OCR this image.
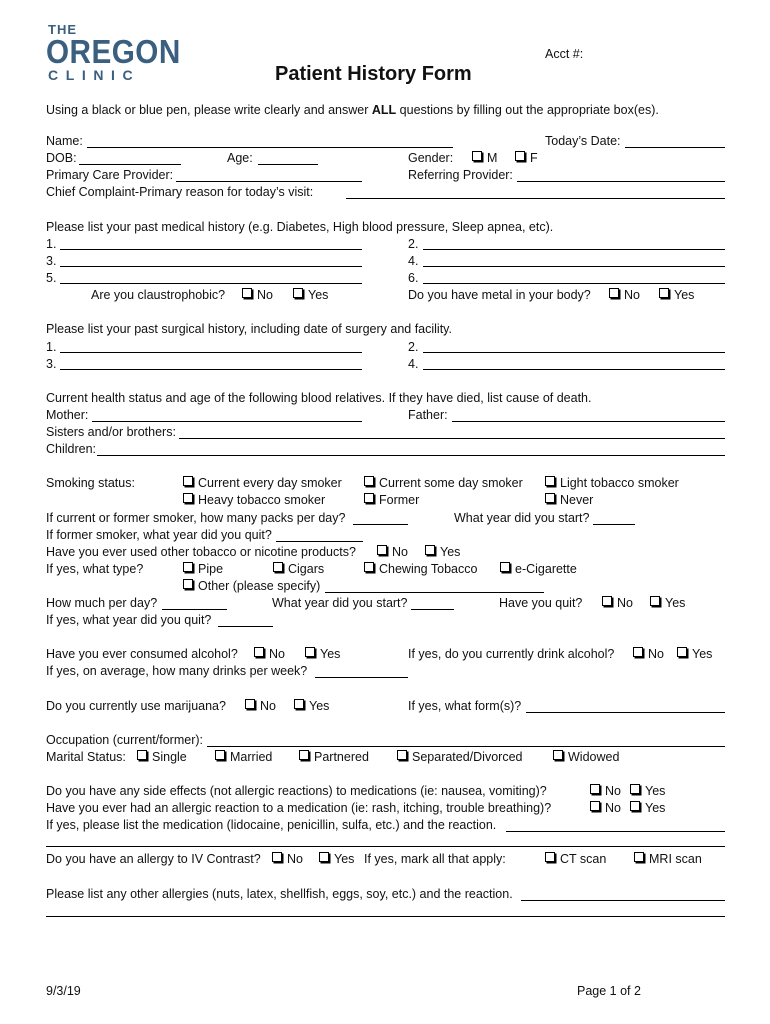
THE
OREGON
CLINIC
Acct #:
Patient History Form
Using a black or blue pen, please write clearly and answer ALL questions by filling out the appropriate box(es).
Name:	Today’s Date:
DOB:	Age:	Gender:	M	F
Primary Care Provider:	Referring Provider:
Chief Complaint-Primary reason for today’s visit:
Please list your past medical history (e.g. Diabetes, High blood pressure, Sleep apnea, etc).
1.	2.
3.	4.
5.	6.
Are you claustrophobic?	No	Yes	Do you have metal in your body?	No	Yes
Please list your past surgical history, including date of surgery and facility.
1.	2.
3.	4.
Current health status and age of the following blood relatives. If they have died, list cause of death.
Mother:	Father:
Sisters and/or brothers:
Children:
Smoking status:	Current every day smoker	Current some day smoker	Light tobacco smoker
Heavy tobacco smoker	Former	Never
If current or former smoker, how many packs per day?	What year did you start?
If former smoker, what year did you quit?
Have you ever used other tobacco or nicotine products?	No	Yes
If yes, what type?	Pipe	Cigars	Chewing Tobacco	e-Cigarette
Other (please specify)
How much per day?	What year did you start?	Have you quit?	No	Yes
If yes, what year did you quit?
Have you ever consumed alcohol?	No	Yes	If yes, do you currently drink alcohol?	No	Yes
If yes, on average, how many drinks per week?
Do you currently use marijuana?	No	Yes	If yes, what form(s)?
Occupation (current/former):
Marital Status:	Single	Married	Partnered	Separated/Divorced	Widowed
Do you have any side effects (not allergic reactions) to medications (ie: nausea, vomiting)?	No	Yes
Have you ever had an allergic reaction to a medication (ie: rash, itching, trouble breathing)?	No	Yes
If yes, please list the medication (lidocaine, penicillin, sulfa, etc.) and the reaction.
Do you have an allergy to IV Contrast?	No	Yes If yes, mark all that apply:	CT scan	MRI scan
Please list any other allergies (nuts, latex, shellfish, eggs, soy, etc.) and the reaction.
9/3/19	Page 1 of 2
